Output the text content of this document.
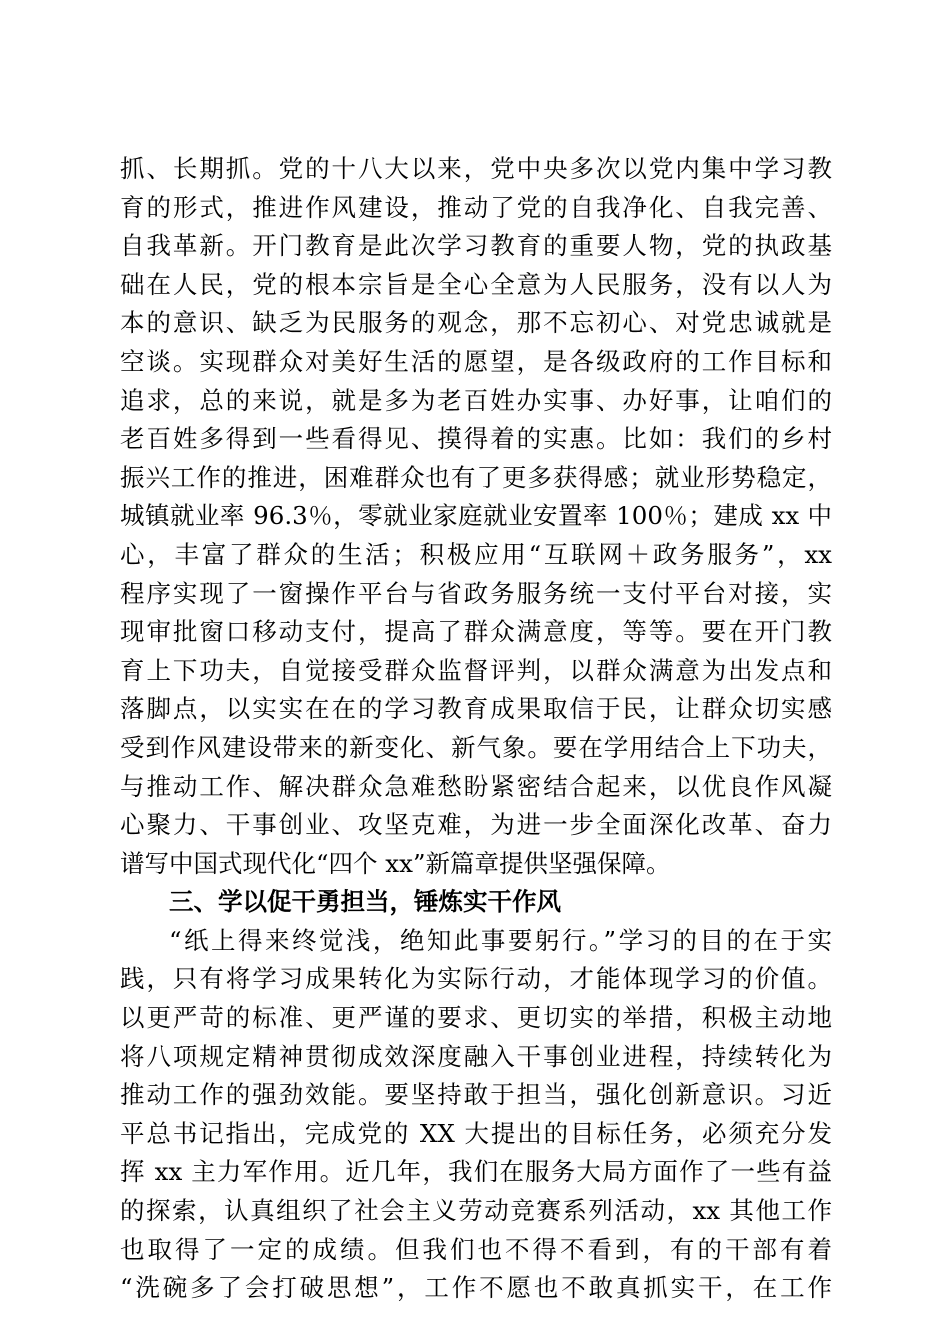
抓、长期抓。党的十八大以来，党中央多次以党内集中学习教
育的形式，推进作风建设，推动了党的自我净化、自我完善、
自我革新。开门教育是此次学习教育的重要人物，党的执政基
础在人民，党的根本宗旨是全心全意为人民服务，没有以人为
本的意识、缺乏为民服务的观念，那不忘初心、对党忠诚就是
空谈。实现群众对美好生活的愿望，是各级政府的工作目标和
追求，总的来说，就是多为老百姓办实事、办好事，让咱们的
老百姓多得到一些看得见、摸得着的实惠。比如：我们的乡村
振兴工作的推进，困难群众也有了更多获得感；就业形势稳定，
城镇就业率 96.3％，零就业家庭就业安置率 100％；建成 xx 中
心，丰富了群众的生活；积极应用“互联网＋政务服务”，xx
程序实现了一窗操作平台与省政务服务统一支付平台对接，实
现审批窗口移动支付，提高了群众满意度，等等。要在开门教
育上下功夫，自觉接受群众监督评判，以群众满意为出发点和
落脚点，以实实在在的学习教育成果取信于民，让群众切实感
受到作风建设带来的新变化、新气象。要在学用结合上下功夫，
与推动工作、解决群众急难愁盼紧密结合起来，以优良作风凝
心聚力、干事创业、攻坚克难，为进一步全面深化改革、奋力
谱写中国式现代化“四个 xx”新篇章提供坚强保障。
三、学以促干勇担当，锤炼实干作风
“纸上得来终觉浅，绝知此事要躬行。”学习的目的在于实
践，只有将学习成果转化为实际行动，才能体现学习的价值。
以更严苛的标准、更严谨的要求、更切实的举措，积极主动地
将八项规定精神贯彻成效深度融入干事创业进程，持续转化为
推动工作的强劲效能。要坚持敢于担当，强化创新意识。习近
平总书记指出，完成党的 XX 大提出的目标任务，必须充分发
挥 xx 主力军作用。近几年，我们在服务大局方面作了一些有益
的探索，认真组织了社会主义劳动竞赛系列活动，xx 其他工作
也取得了一定的成绩。但我们也不得不看到，有的干部有着
“洗碗多了会打破思想”，工作不愿也不敢真抓实干，在工作
